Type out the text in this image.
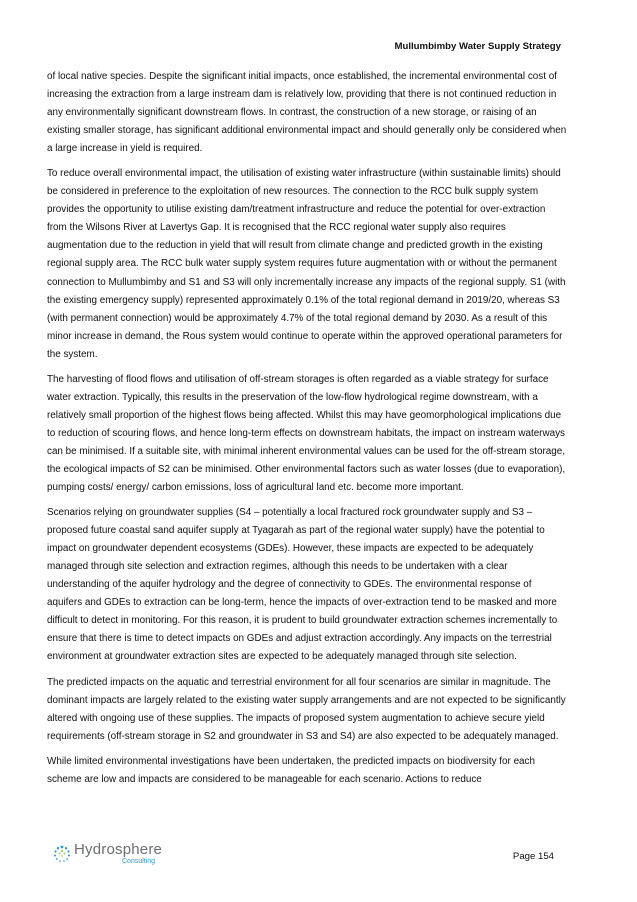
Mullumbimby Water Supply Strategy

of local native species. Despite the significant initial impacts, once established, the incremental environmental cost of increasing the extraction from a large instream dam is relatively low, providing that there is not continued reduction in any environmentally significant downstream flows. In contrast, the construction of a new storage, or raising of an existing smaller storage, has significant additional environmental impact and should generally only be considered when a large increase in yield is required.

To reduce overall environmental impact, the utilisation of existing water infrastructure (within sustainable limits) should be considered in preference to the exploitation of new resources. The connection to the RCC bulk supply system provides the opportunity to utilise existing dam/treatment infrastructure and reduce the potential for over-extraction from the Wilsons River at Lavertys Gap. It is recognised that the RCC regional water supply also requires augmentation due to the reduction in yield that will result from climate change and predicted growth in the existing regional supply area. The RCC bulk water supply system requires future augmentation with or without the permanent connection to Mullumbimby and S1 and S3 will only incrementally increase any impacts of the regional supply. S1 (with the existing emergency supply) represented approximately 0.1% of the total regional demand in 2019/20, whereas S3 (with permanent connection) would be approximately 4.7% of the total regional demand by 2030. As a result of this minor increase in demand, the Rous system would continue to operate within the approved operational parameters for the system.

The harvesting of flood flows and utilisation of off-stream storages is often regarded as a viable strategy for surface water extraction. Typically, this results in the preservation of the low-flow hydrological regime downstream, with a relatively small proportion of the highest flows being affected. Whilst this may have geomorphological implications due to reduction of scouring flows, and hence long-term effects on downstream habitats, the impact on instream waterways can be minimised. If a suitable site, with minimal inherent environmental values can be used for the off-stream storage, the ecological impacts of S2 can be minimised. Other environmental factors such as water losses (due to evaporation), pumping costs/ energy/ carbon emissions, loss of agricultural land etc. become more important.

Scenarios relying on groundwater supplies (S4 – potentially a local fractured rock groundwater supply and S3 – proposed future coastal sand aquifer supply at Tyagarah as part of the regional water supply) have the potential to impact on groundwater dependent ecosystems (GDEs). However, these impacts are expected to be adequately managed through site selection and extraction regimes, although this needs to be undertaken with a clear understanding of the aquifer hydrology and the degree of connectivity to GDEs. The environmental response of aquifers and GDEs to extraction can be long-term, hence the impacts of over-extraction tend to be masked and more difficult to detect in monitoring. For this reason, it is prudent to build groundwater extraction schemes incrementally to ensure that there is time to detect impacts on GDEs and adjust extraction accordingly. Any impacts on the terrestrial environment at groundwater extraction sites are expected to be adequately managed through site selection.

The predicted impacts on the aquatic and terrestrial environment for all four scenarios are similar in magnitude. The dominant impacts are largely related to the existing water supply arrangements and are not expected to be significantly altered with ongoing use of these supplies. The impacts of proposed system augmentation to achieve secure yield requirements (off-stream storage in S2 and groundwater in S3 and S4) are also expected to be adequately managed.

While limited environmental investigations have been undertaken, the predicted impacts on biodiversity for each scheme are low and impacts are considered to be manageable for each scenario. Actions to reduce

Hydrosphere
Consulting	Page 154
